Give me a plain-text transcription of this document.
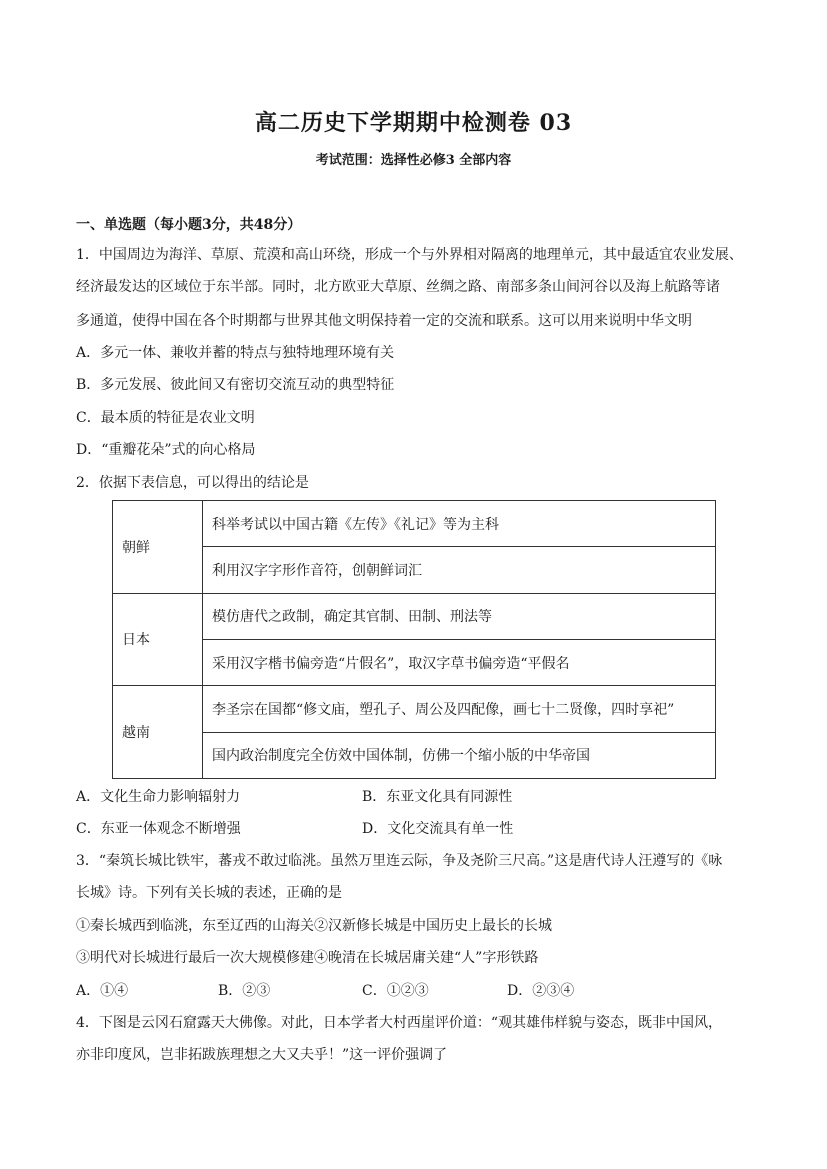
高二历史下学期期中检测卷 03
考试范围：选择性必修3 全部内容
一、单选题（每小题3分，共48分）
1．中国周边为海洋、草原、荒漠和高山环绕，形成一个与外界相对隔离的地理单元，其中最适宜农业发展、
经济最发达的区域位于东半部。同时，北方欧亚大草原、丝绸之路、南部多条山间河谷以及海上航路等诸
多通道，使得中国在各个时期都与世界其他文明保持着一定的交流和联系。这可以用来说明中华文明
A．多元一体、兼收并蓄的特点与独特地理环境有关
B．多元发展、彼此间又有密切交流互动的典型特征
C．最本质的特征是农业文明
D．“重瓣花朵”式的向心格局
2．依据下表信息，可以得出的结论是
朝鲜	科举考试以中国古籍《左传》《礼记》等为主科
	利用汉字字形作音符，创朝鲜词汇
日本	模仿唐代之政制，确定其官制、田制、刑法等
	采用汉字楷书偏旁造“片假名”，取汉字草书偏旁造“平假名
越南	李圣宗在国都“修文庙，塑孔子、周公及四配像，画七十二贤像，四时享祀”
	国内政治制度完全仿效中国体制，仿佛一个缩小版的中华帝国
A．文化生命力影响辐射力	B．东亚文化具有同源性
C．东亚一体观念不断增强	D．文化交流具有单一性
3．“秦筑长城比铁牢，蕃戎不敢过临洮。虽然万里连云际，争及尧阶三尺高。”这是唐代诗人汪遵写的《咏
长城》诗。下列有关长城的表述，正确的是
①秦长城西到临洮，东至辽西的山海关②汉新修长城是中国历史上最长的长城
③明代对长城进行最后一次大规模修建④晚清在长城居庸关建“人”字形铁路
A．①④	B．②③	C．①②③	D．②③④
4．下图是云冈石窟露天大佛像。对此，日本学者大村西崖评价道：“观其雄伟样貌与姿态，既非中国风，
亦非印度风，岂非拓跋族理想之大又夫乎！”这一评价强调了
